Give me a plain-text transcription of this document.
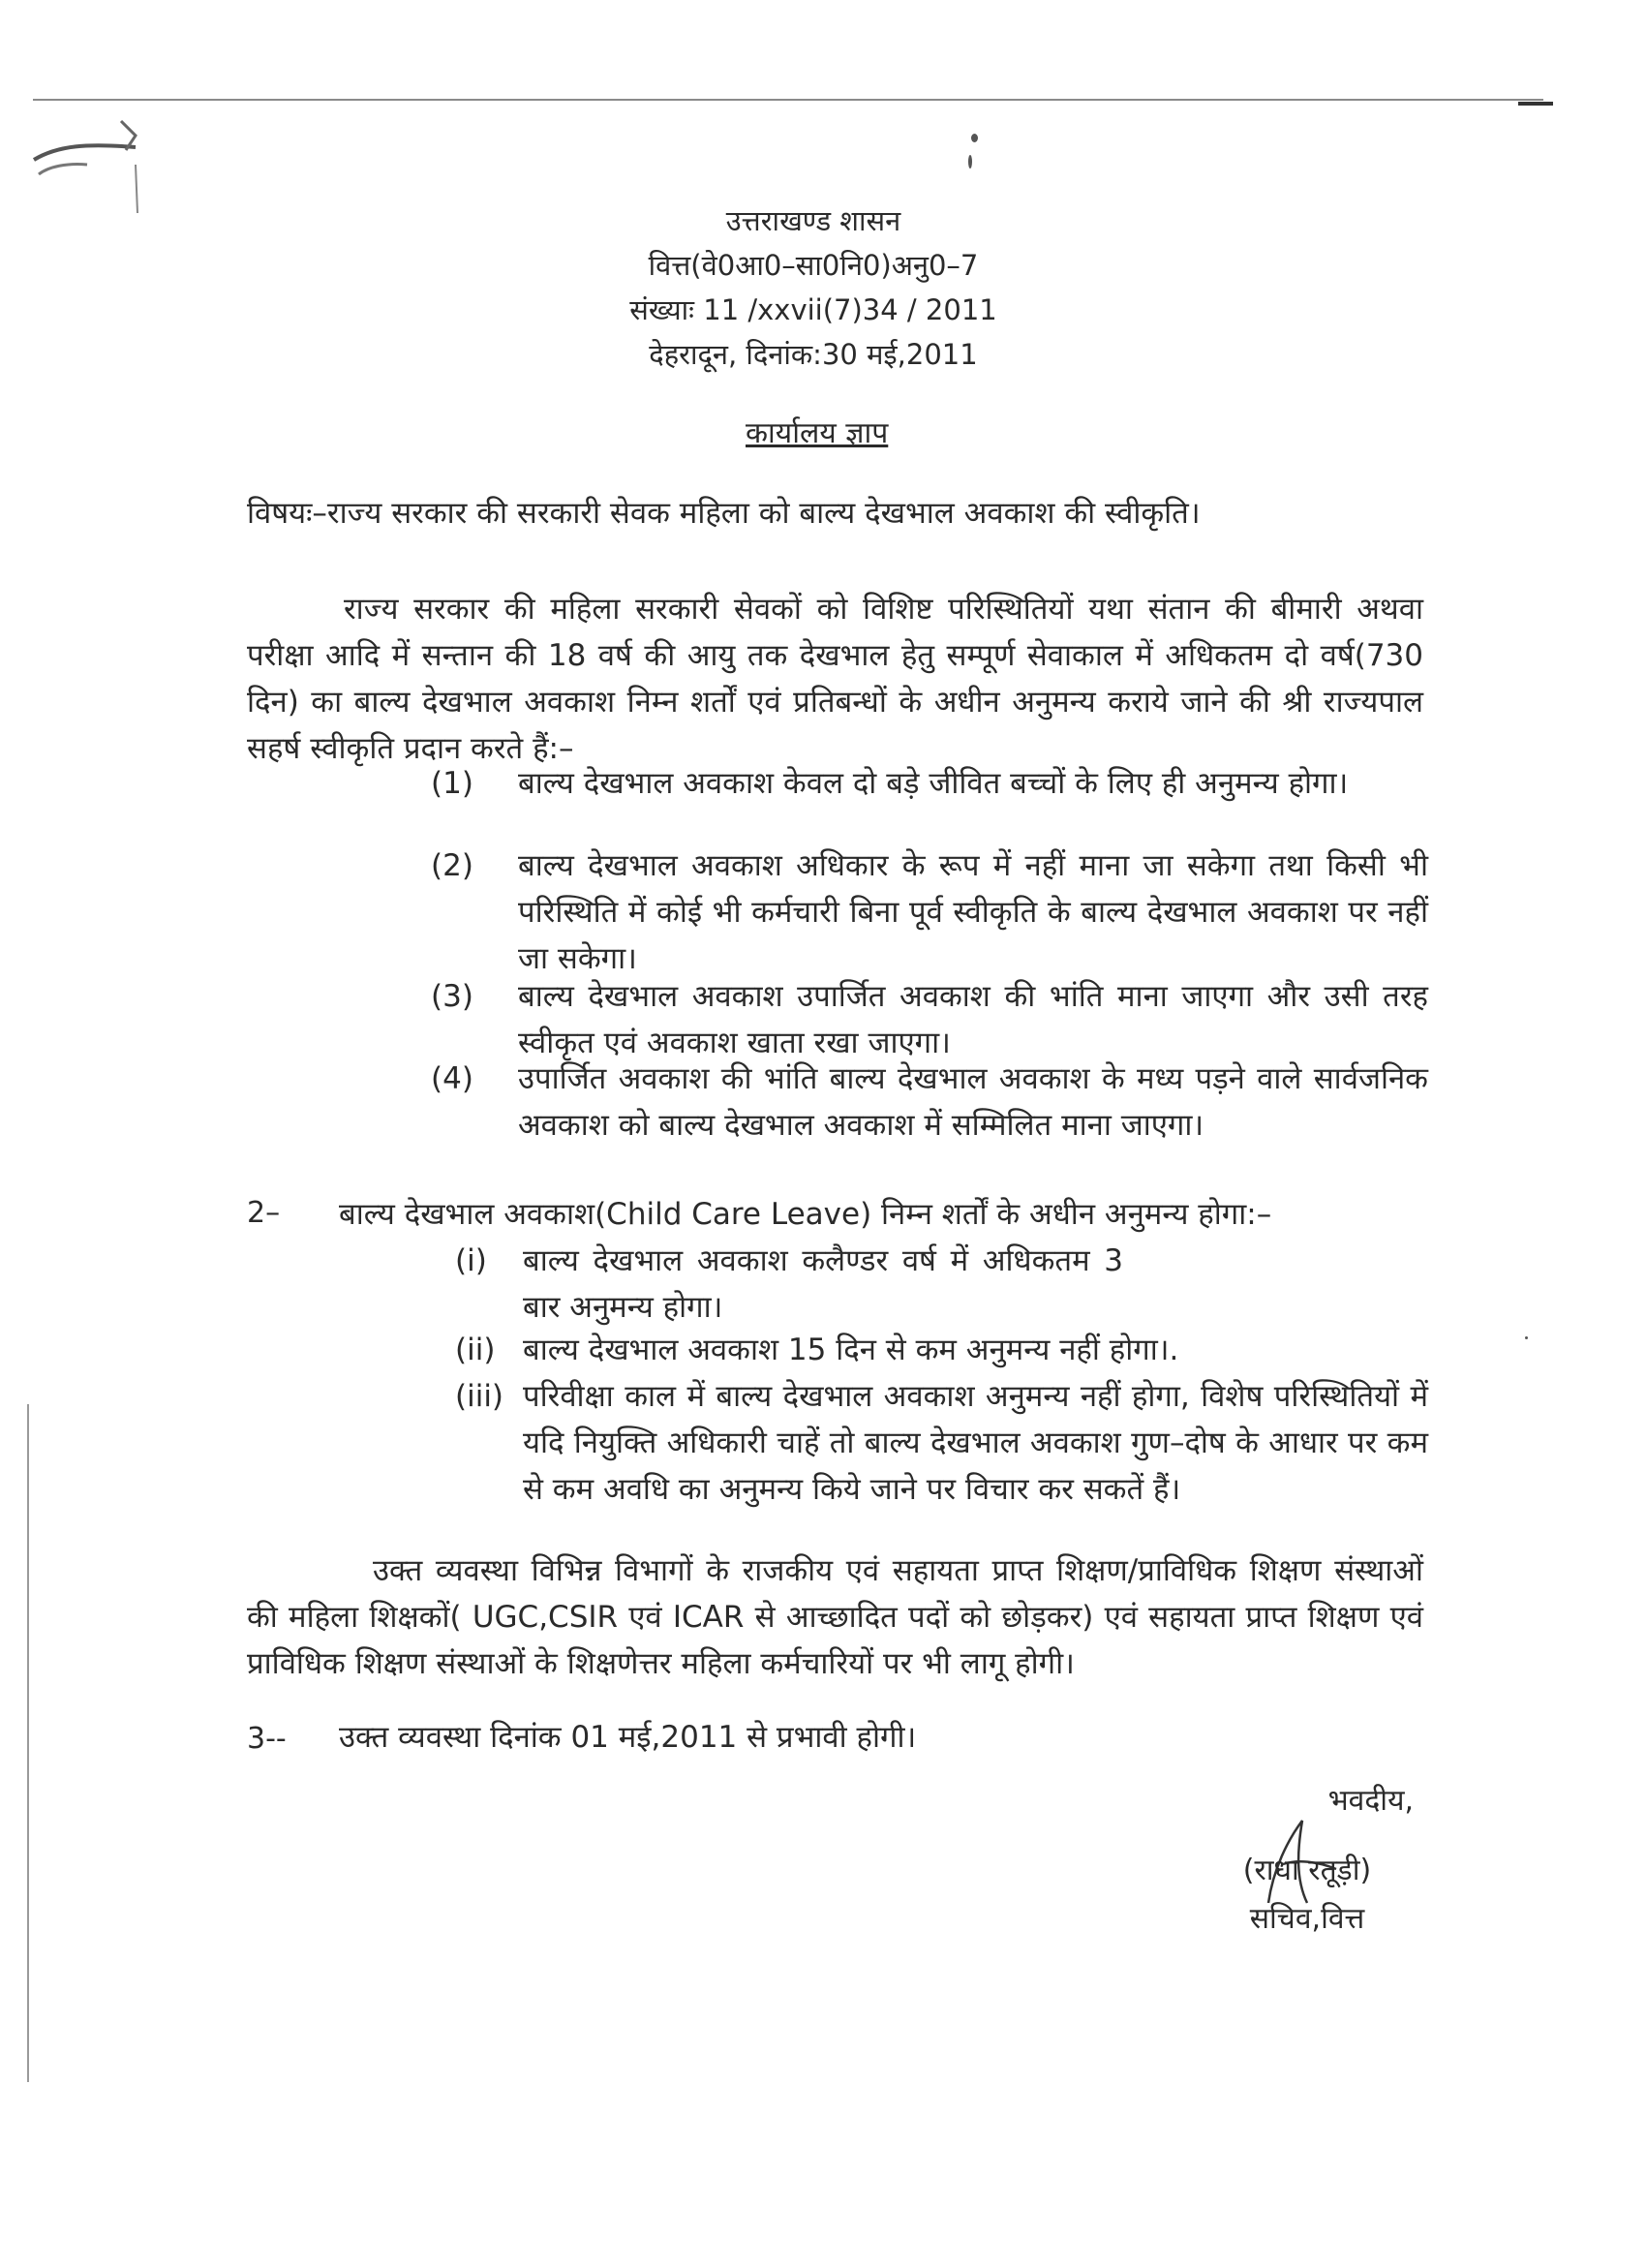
उत्तराखण्ड शासन
वित्त(वे0आ0–सा0नि0)अनु0–7
संख्याः 11 /xxvii(7)34 / 2011
देहरादून, दिनांक:30 मई,2011
कार्यालय ज्ञाप
विषयः–राज्य सरकार की सरकारी सेवक महिला को बाल्य देखभाल अवकाश की स्वीकृति।
राज्य सरकार की महिला सरकारी सेवकों को विशिष्ट परिस्थितियों यथा संतान की बीमारी अथवा परीक्षा आदि में सन्तान की 18 वर्ष की आयु तक देखभाल हेतु सम्पूर्ण सेवाकाल में अधिकतम दो वर्ष(730 दिन) का बाल्य देखभाल अवकाश निम्न शर्तों एवं प्रतिबन्धों के अधीन अनुमन्य कराये जाने की श्री राज्यपाल सहर्ष स्वीकृति प्रदान करते हैं:–
(1)	बाल्य देखभाल अवकाश केवल दो बड़े जीवित बच्चों के लिए ही अनुमन्य होगा।
(2)	बाल्य देखभाल अवकाश अधिकार के रूप में नहीं माना जा सकेगा तथा किसी भी परिस्थिति में कोई भी कर्मचारी बिना पूर्व स्वीकृति के बाल्य देखभाल अवकाश पर नहीं जा सकेगा।
(3)	बाल्य देखभाल अवकाश उपार्जित अवकाश की भांति माना जाएगा और उसी तरह स्वीकृत एवं अवकाश खाता रखा जाएगा।
(4)	उपार्जित अवकाश की भांति बाल्य देखभाल अवकाश के मध्य पड़ने वाले सार्वजनिक अवकाश को बाल्य देखभाल अवकाश में सम्मिलित माना जाएगा।
2– बाल्य देखभाल अवकाश(Child Care Leave) निम्न शर्तों के अधीन अनुमन्य होगा:–
(i)	बाल्य देखभाल अवकाश कलैण्डर वर्ष में अधिकतम 3 बार अनुमन्य होगा।
(ii) बाल्य देखभाल अवकाश 15 दिन से कम अनुमन्य नहीं होगा।.
(iii) परिवीक्षा काल में बाल्य देखभाल अवकाश अनुमन्य नहीं होगा, विशेष परिस्थितियों में यदि नियुक्ति अधिकारी चाहें तो बाल्य देखभाल अवकाश गुण–दोष के आधार पर कम से कम अवधि का अनुमन्य किये जाने पर विचार कर सकतें हैं।
उक्त व्यवस्था विभिन्न विभागों के राजकीय एवं सहायता प्राप्त शिक्षण/प्राविधिक शिक्षण संस्थाओं की महिला शिक्षकों( UGC,CSIR एवं ICAR से आच्छादित पदों को छोड़कर) एवं सहायता प्राप्त शिक्षण एवं प्राविधिक शिक्षण संस्थाओं के शिक्षणेत्तर महिला कर्मचारियों पर भी लागू होगी।
3-- उक्त व्यवस्था दिनांक 01 मई,2011 से प्रभावी होगी।
भवदीय,
(राधा रतूड़ी)
सचिव,वित्त
